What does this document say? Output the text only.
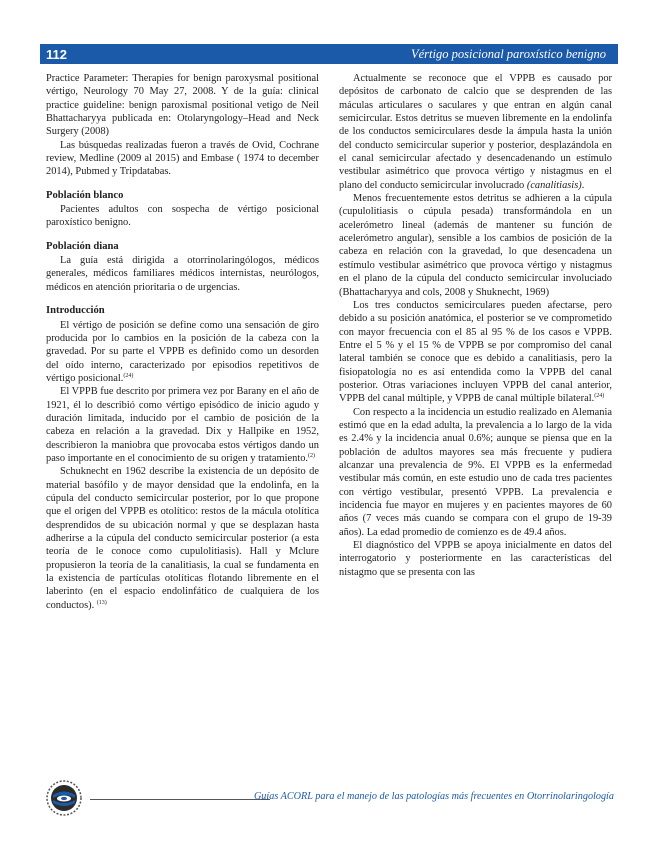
112	Vértigo posicional paroxístico benigno

Practice Parameter: Therapies for benign paroxysmal positional vértigo, Neurology 70 May 27, 2008. Y de la guía: clinical practice guideline: benign paroxismal positional vetigo de Neil Bhattacharyya publicada en: Otolaryngology–Head and Neck Surgery (2008)

Las búsquedas realizadas fueron a través de Ovid, Cochrane review, Medline (2009 al 2015) and Embase ( 1974 to december 2014), Pubmed y Tripdatabas.

Población blanco

Pacientes adultos con sospecha de vértigo posicional paroxístico benigno.

Población diana

La guía está dirigida a otorrinolaringólogos, médicos generales, médicos familiares médicos internistas, neurólogos, médicos en atención prioritaria o de urgencias.

Introducción

El vértigo de posición se define como una sensación de giro producida por lo cambios en la posición de la cabeza con la gravedad. Por su parte el VPPB es definido como un desorden del oído interno, caracterizado por episodios repetitivos de vértigo posicional.$^{(24)}$

El VPPB fue descrito por primera vez por Barany en el año de 1921, él lo describió como vértigo episódico de inicio agudo y duración limitada, inducido por el cambio de posición de la cabeza en relación a la gravedad. Dix y Hallpike en 1952, describieron la maniobra que provocaba estos vértigos dando un paso importante en el conocimiento de su origen y tratamiento.$^{(2)}$

Schuknecht en 1962 describe la existencia de un depósito de material basófilo y de mayor densidad que la endolinfa, en la cúpula del conducto semicircular posterior, por lo que propone que el origen del VPPB es otolítico: restos de la mácula otolítica desprendidos de su ubicación normal y que se desplazan hasta adherirse a la cúpula del conducto semicircular posterior (a esta teoría de le conoce como cupulolitiasis). Hall y Mclure propusieron la teoría de la canalitiasis, la cual se fundamenta en la existencia de partículas otolíticas flotando libremente en el laberinto (en el espacio endolinfático de cualquiera de los conductos). $^{(13)}$

Actualmente se reconoce que el VPPB es causado por depósitos de carbonato de calcio que se desprenden de las máculas articulares o saculares y que entran en algún canal semicircular. Estos detritus se mueven libremente en la endolinfa de los conductos semicirculares desde la ámpula hasta la unión del conducto semicircular superior y posterior, desplazándola en el canal semicircular afectado y desencadenando un estímulo vestibular asimétrico que provoca vértigo y nistagmus en el plano del conducto semicircular involucrado (canalitiasis).

Menos frecuentemente estos detritus se adhieren a la cúpula (cupulolitiasis o cúpula pesada) transformándola en un acelerómetro lineal (además de mantener su función de acelerómetro angular), sensible a los cambios de posición de la cabeza en relación con la gravedad, lo que desencadena un estímulo vestibular asimétrico que provoca vértigo y nistagmus en el plano de la cúpula del conducto semicircular involuciado (Bhattacharyya and cols, 2008 y Shuknecht, 1969)

Los tres conductos semicirculares pueden afectarse, pero debido a su posición anatómica, el posterior se ve comprometido con mayor frecuencia con el 85 al 95 % de los casos e VPPB. Entre el 5 % y el 15 % de VPPB se por compromiso del canal lateral también se conoce que es debido a canalitiasis, pero la fisiopatología no es así entendida como la VPPB del canal posterior. Otras variaciones incluyen VPPB del canal anterior, VPPB del canal múltiple, y VPPB de canal múltiple bilateral.$^{(24)}$

Con respecto a la incidencia un estudio realizado en Alemania estimó que en la edad adulta, la prevalencia a lo largo de la vida es 2.4% y la incidencia anual 0.6%; aunque se piensa que en la población de adultos mayores sea más frecuente y pudiera alcanzar una prevalencia de 9%. El VPPB es la enfermedad vestibular más común, en este estudio uno de cada tres pacientes con vértigo vestibular, presentó VPPB. La prevalencia e incidencia fue mayor en mujeres y en pacientes mayores de 60 años (7 veces más cuando se compara con el grupo de 19-39 años). La edad promedio de comienzo es de 49.4 años.

El diagnóstico del VPPB se apoya inicialmente en datos del interrogatorio y posteriormente en las características del nistagmo que se presenta con las

Guías ACORL para el manejo de las patologías más frecuentes en Otorrinolaringología
